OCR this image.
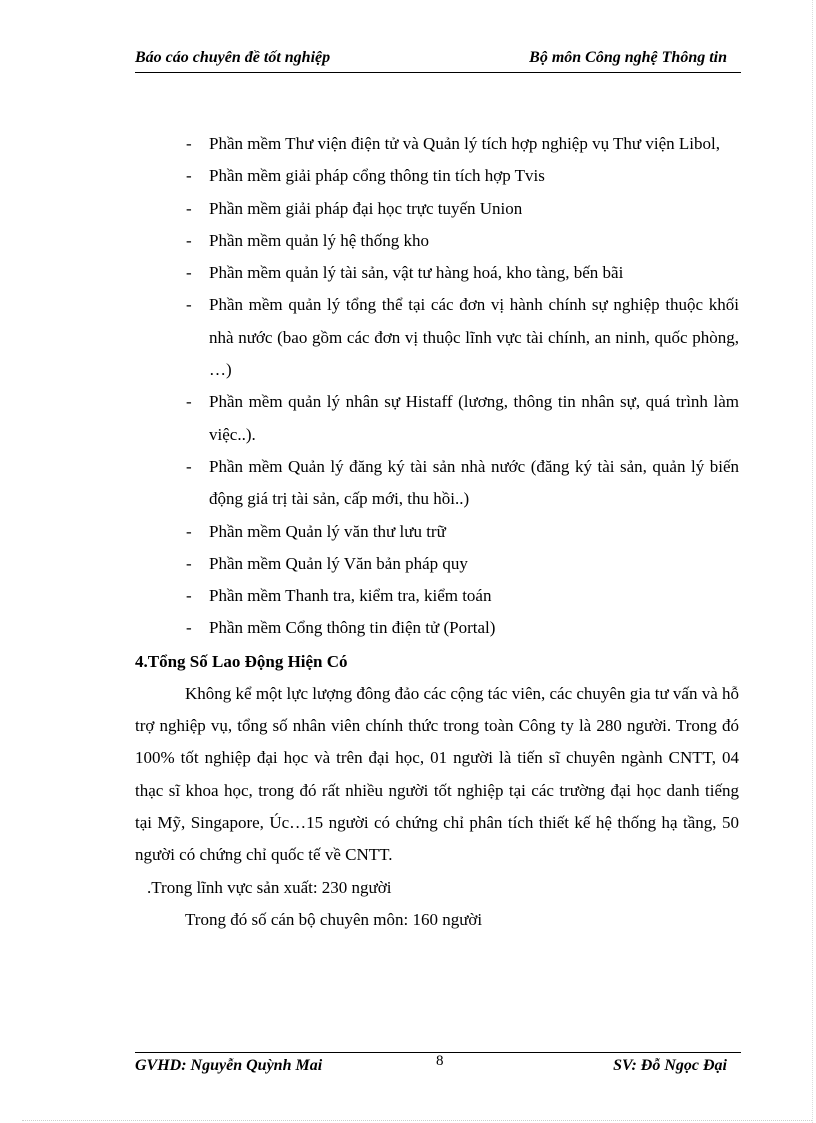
Báo cáo chuyên đề tốt nghiệp	Bộ môn Công nghệ Thông tin
- Phần mềm Thư viện điện tử và Quản lý tích hợp nghiệp vụ Thư viện Libol,
- Phần mềm giải pháp cổng thông tin tích hợp Tvis
- Phần mềm giải pháp đại học trực tuyến Union
- Phần mềm quản lý hệ thống kho
- Phần mềm quản lý tài sản, vật tư hàng hoá, kho tàng, bến bãi
- Phần mềm quản lý tổng thể tại các đơn vị hành chính sự nghiệp thuộc khối nhà nước (bao gồm các đơn vị thuộc lĩnh vực tài chính, an ninh, quốc phòng, …)
- Phần mềm quản lý nhân sự Histaff (lương, thông tin nhân sự, quá trình làm việc..).
- Phần mềm Quản lý đăng ký tài sản nhà nước (đăng ký tài sản, quản lý biến động giá trị tài sản, cấp mới, thu hồi..)
- Phần mềm Quản lý văn thư lưu trữ
- Phần mềm Quản lý Văn bản pháp quy
- Phần mềm Thanh tra, kiểm tra, kiểm toán
- Phần mềm Cổng thông tin điện tử (Portal)
4.Tổng Số Lao Động Hiện Có

Không kể một lực lượng đông đảo các cộng tác viên, các chuyên gia tư vấn và hỗ trợ nghiệp vụ, tổng số nhân viên chính thức trong toàn Công ty là 280 người. Trong đó 100% tốt nghiệp đại học và trên đại học, 01 người là tiến sĩ chuyên ngành CNTT, 04 thạc sĩ khoa học, trong đó rất nhiều người tốt nghiệp tại các trường đại học danh tiếng tại Mỹ, Singapore, Úc…15 người có chứng chỉ phân tích thiết kế hệ thống hạ tầng, 50 người có chứng chỉ quốc tế về CNTT.

.Trong lĩnh vực sản xuất: 230 người

Trong đó số cán bộ chuyên môn: 160 người

GVHD: Nguyễn Quỳnh Mai	8	SV: Đỗ Ngọc Đại
